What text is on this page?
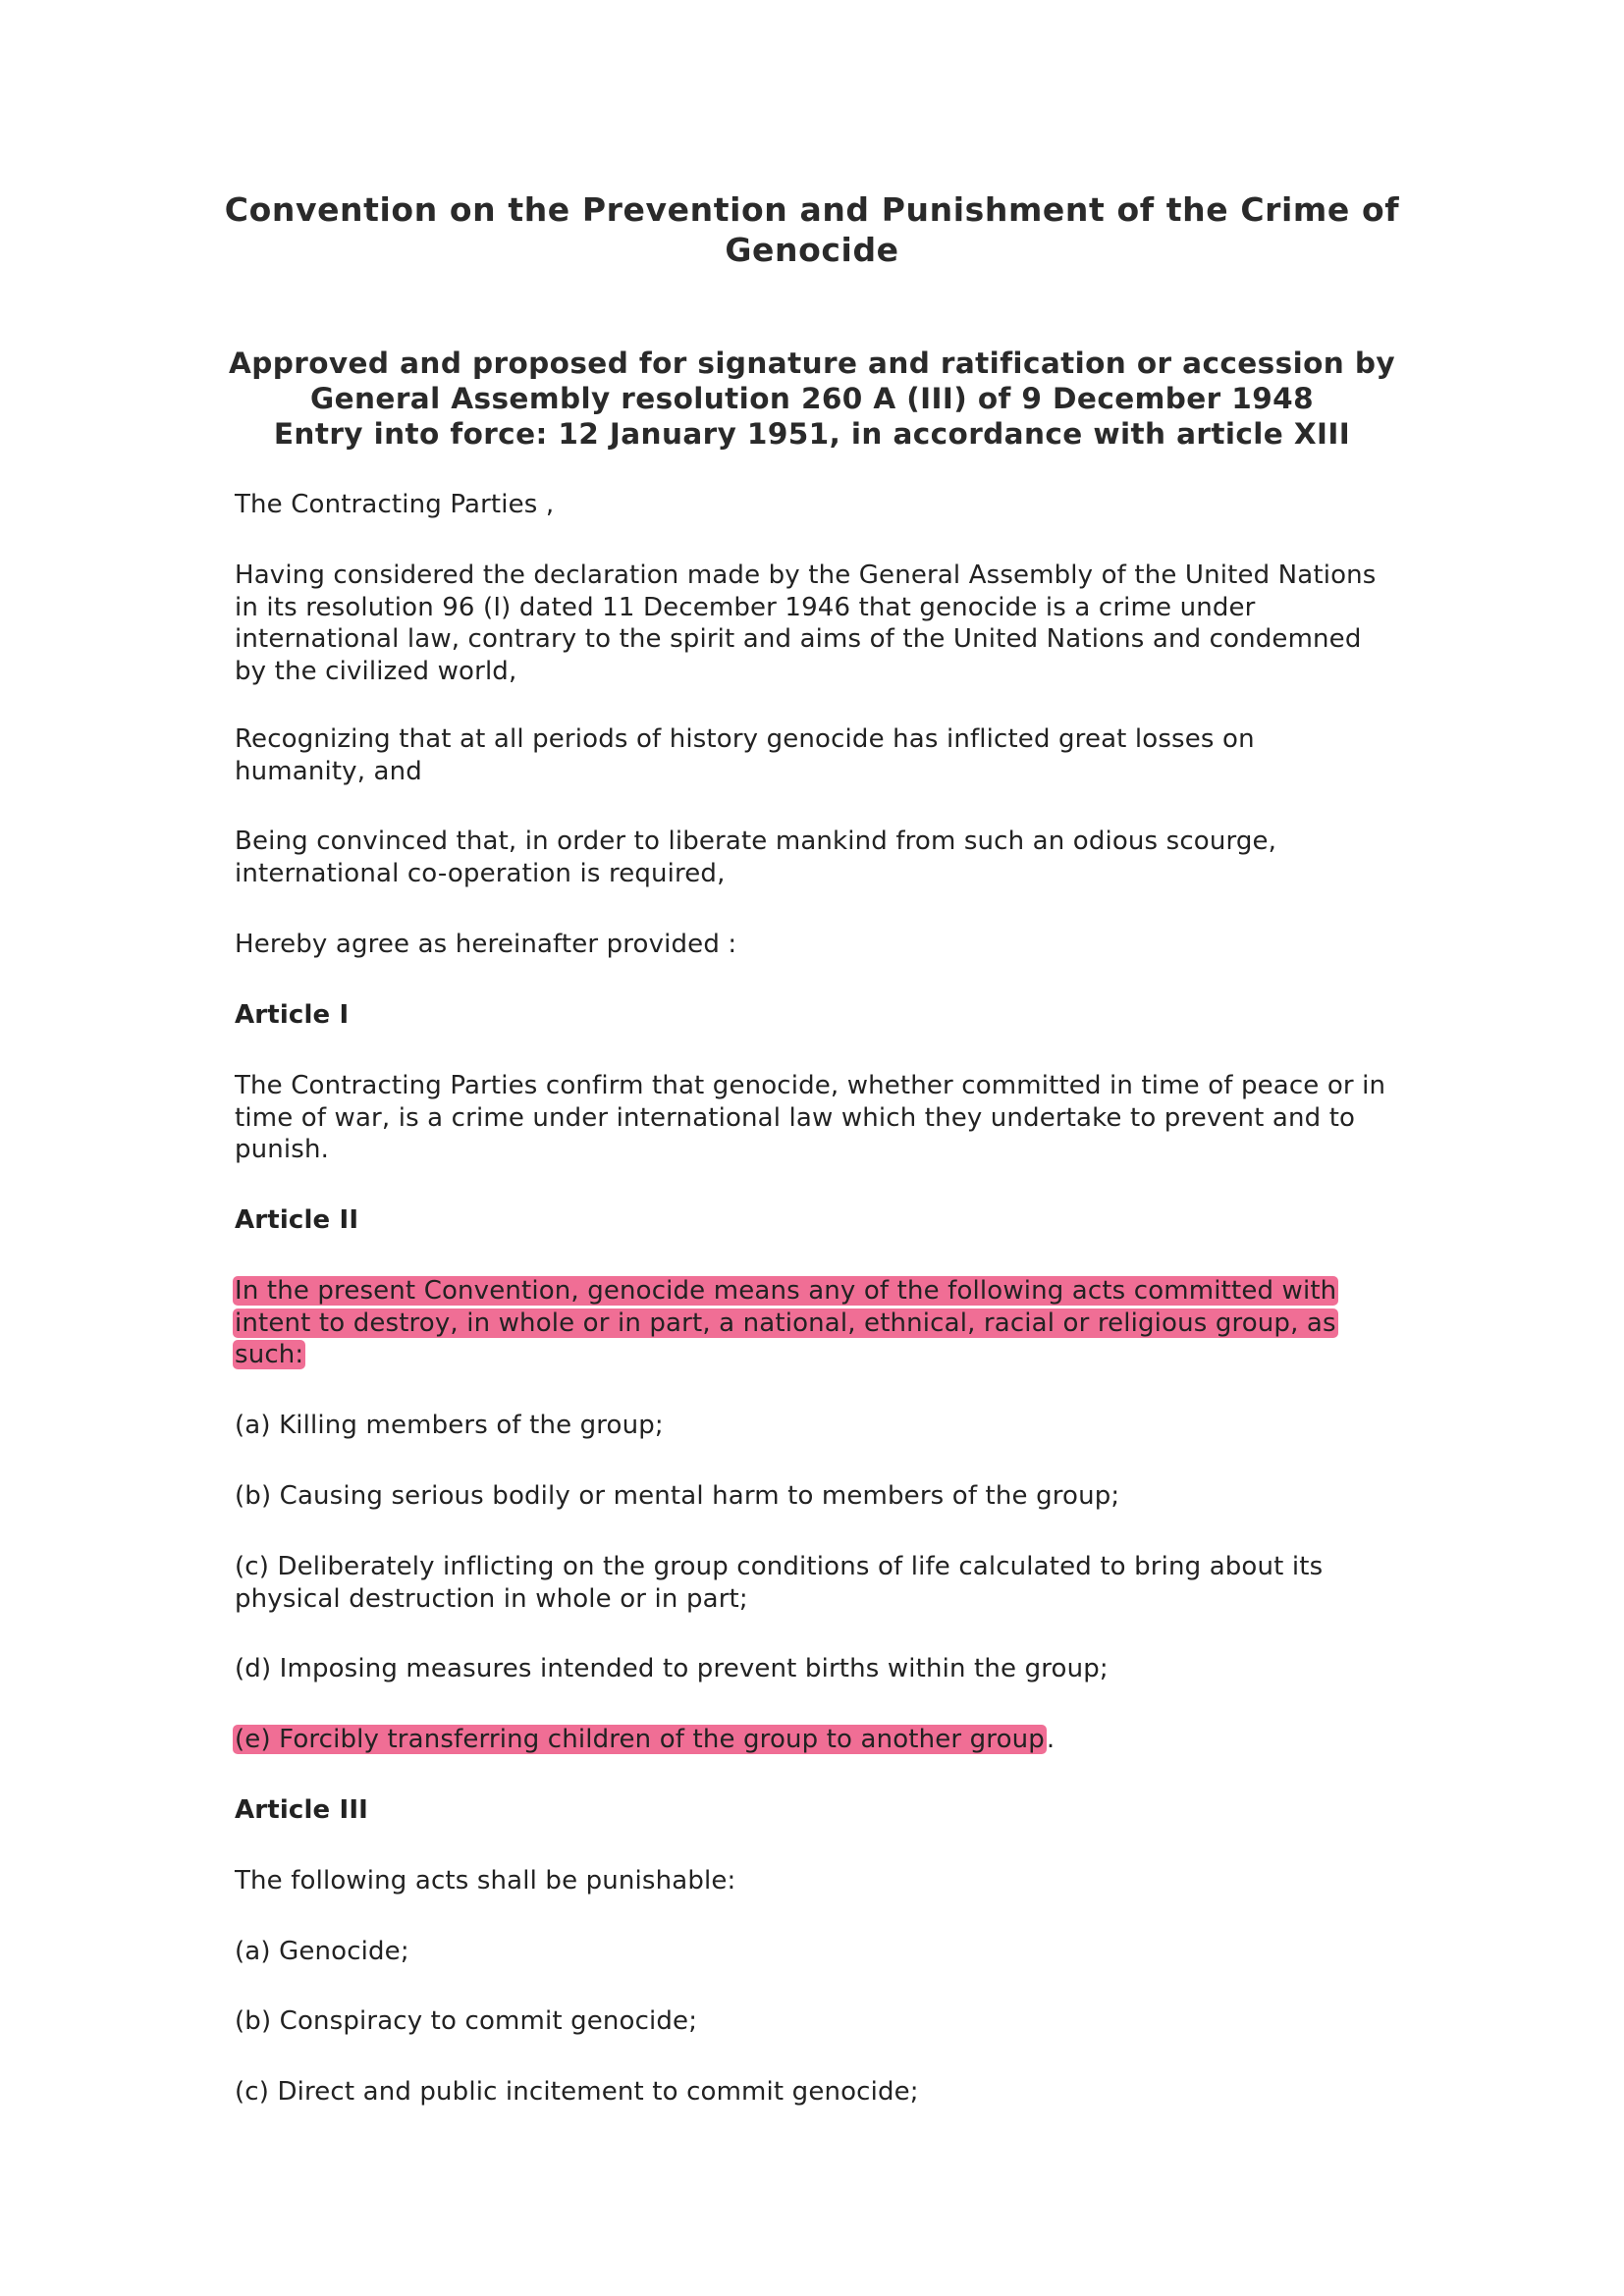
Convention on the Prevention and Punishment of the Crime of
Genocide
Approved and proposed for signature and ratification or accession by
General Assembly resolution 260 A (III) of 9 December 1948
Entry into force: 12 January 1951, in accordance with article XIII

The Contracting Parties ,

Having considered the declaration made by the General Assembly of the United Nations
in its resolution 96 (I) dated 11 December 1946 that genocide is a crime under
international law, contrary to the spirit and aims of the United Nations and condemned
by the civilized world,

Recognizing that at all periods of history genocide has inflicted great losses on
humanity, and

Being convinced that, in order to liberate mankind from such an odious scourge,
international co-operation is required,

Hereby agree as hereinafter provided :

Article I

The Contracting Parties confirm that genocide, whether committed in time of peace or in
time of war, is a crime under international law which they undertake to prevent and to
punish.

Article II

In the present Convention, genocide means any of the following acts committed with
intent to destroy, in whole or in part, a national, ethnical, racial or religious group, as
such:

(a) Killing members of the group;

(b) Causing serious bodily or mental harm to members of the group;

(c) Deliberately inflicting on the group conditions of life calculated to bring about its
physical destruction in whole or in part;

(d) Imposing measures intended to prevent births within the group;

(e) Forcibly transferring children of the group to another group.

Article III

The following acts shall be punishable:

(a) Genocide;

(b) Conspiracy to commit genocide;

(c) Direct and public incitement to commit genocide;
